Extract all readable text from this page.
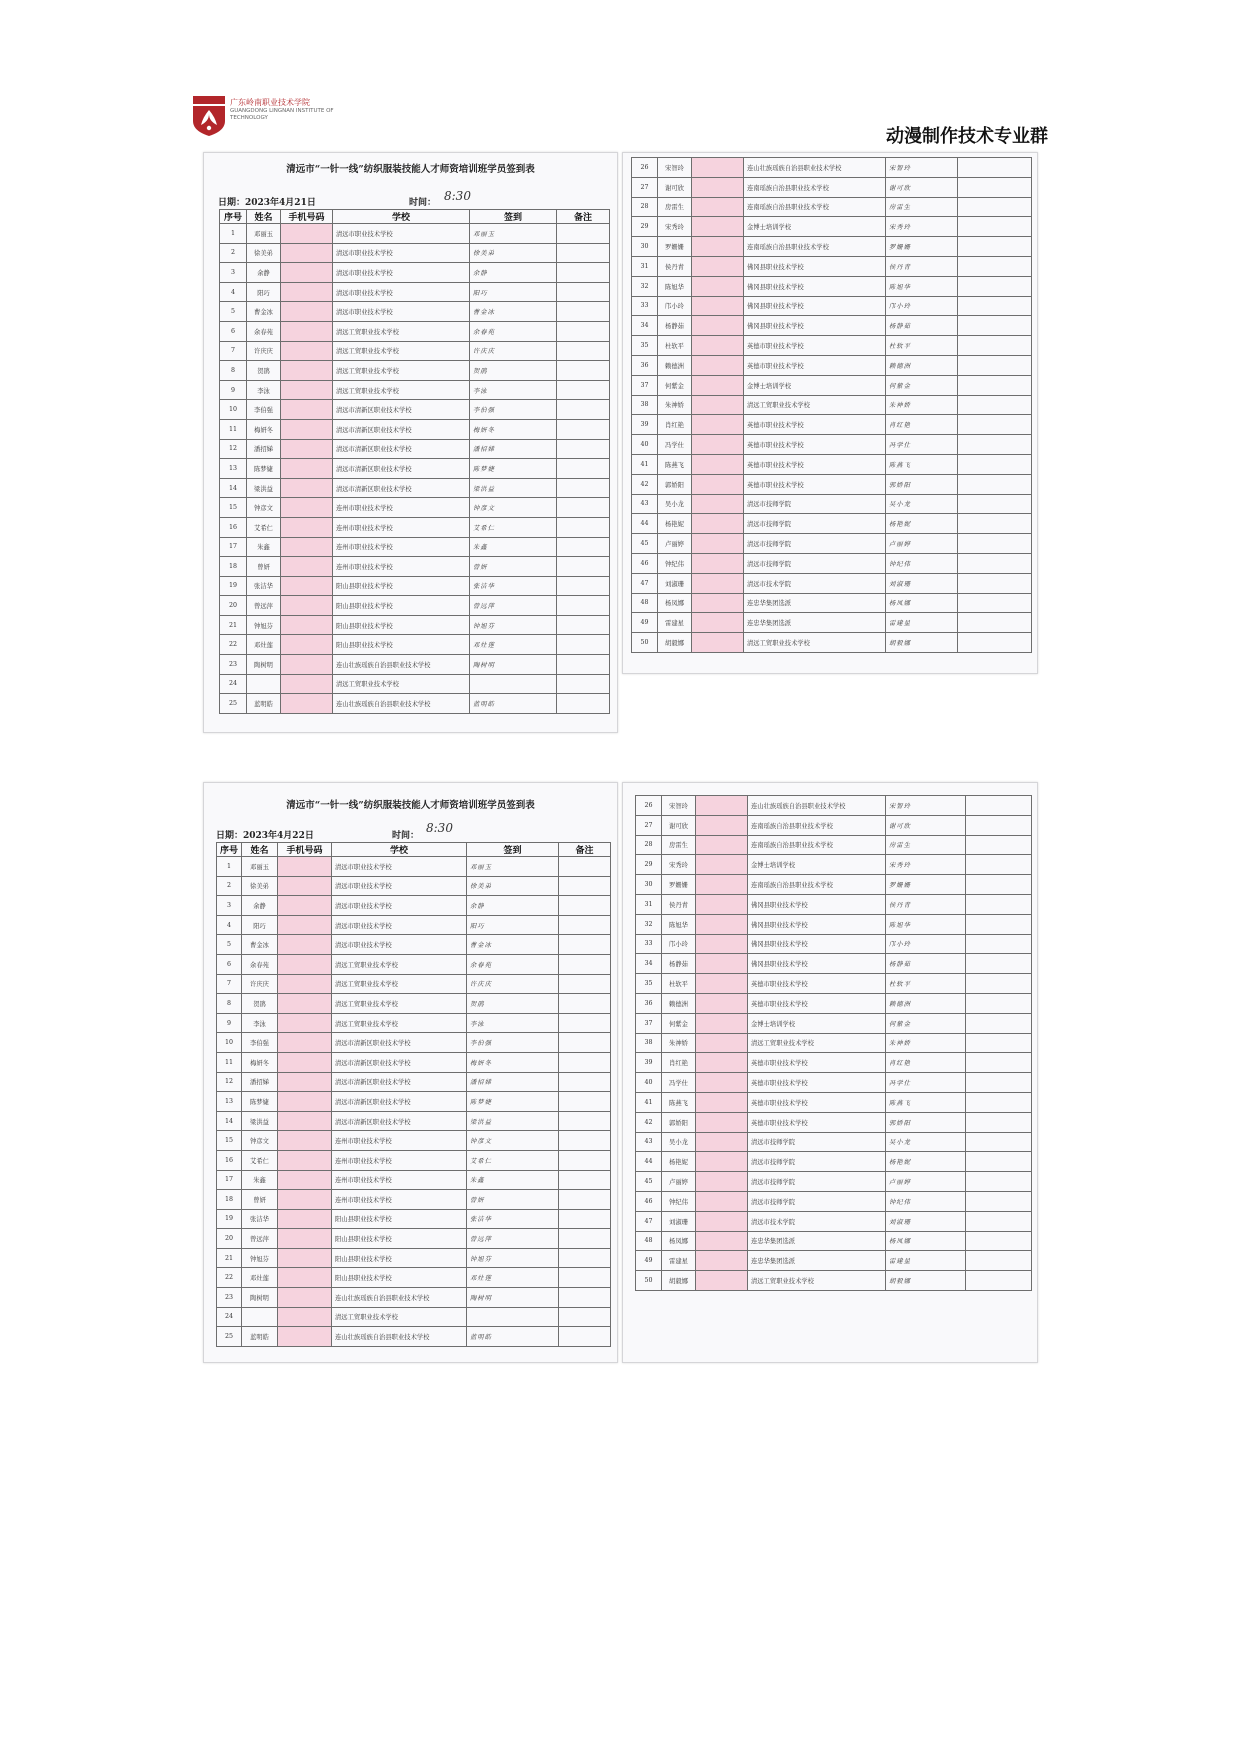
广东岭南职业技术学院
GUANGDONG LINGNAN INSTITUTE OF TECHNOLOGY
动漫制作技术专业群
清远市“一针一线”纺织服装技能人才师资培训班学员签到表
日期：2023年4月21日	时间： 8:30
序号	姓名	手机号码	学校	签到	备注
1	邓丽玉		清远市职业技术学校	邓丽玉	
2	徐美弟		清远市职业技术学校	徐美弟	
3	余静		清远市职业技术学校	余静	
4	阳巧		清远市职业技术学校	阳巧	
5	曹金冰		清远市职业技术学校	曹金冰	
6	余春苑		清远工贸职业技术学校	余春苑	
7	许庆庆		清远工贸职业技术学校	许庆庆	
8	贺鹃		清远工贸职业技术学校	贺鹃	
9	李泳		清远工贸职业技术学校	李泳	
10	李伯强		清远市清新区职业技术学校	李伯强	
11	梅妍冬		清远市清新区职业技术学校	梅妍冬	
12	潘招娣		清远市清新区职业技术学校	潘招娣	
13	陈梦婕		清远市清新区职业技术学校	陈梦婕	
14	梁洪益		清远市清新区职业技术学校	梁洪益	
15	钟彦文		连州市职业技术学校	钟彦文	
16	艾希仁		连州市职业技术学校	艾希仁	
17	朱鑫		连州市职业技术学校	朱鑫	
18	曾妍		连州市职业技术学校	曾妍	
19	张洁华		阳山县职业技术学校	张洁华	
20	曾远萍		阳山县职业技术学校	曾远萍	
21	钟旭芬		阳山县职业技术学校	钟旭芬	
22	邓灶莲		阳山县职业技术学校	邓灶莲	
23	陶树明		连山壮族瑶族自治县职业技术学校	陶树明	
24			清远工贸职业技术学校		
25	蓝明皓		连山壮族瑶族自治县职业技术学校	蓝明皓	
26	宋智玲		连山壮族瑶族自治县职业技术学校	宋智玲	
27	谢可欣		连南瑶族自治县职业技术学校	谢可欣	
28	房雷生		连南瑶族自治县职业技术学校	房雷生	
29	宋秀玲		金博士培训学校	宋秀玲	
30	罗姗姗		连南瑶族自治县职业技术学校	罗姗姗	
31	侯丹青		佛冈县职业技术学校	侯丹青	
32	陈旭华		佛冈县职业技术学校	陈旭华	
33	邝小玲		佛冈县职业技术学校	邝小玲	
34	杨静茹		佛冈县职业技术学校	杨静茹	
35	杜软平		英德市职业技术学校	杜软平	
36	赖德洲		英德市职业技术学校	赖德洲	
37	何紫金		金博士培训学校	何紫金	
38	朱神娇		清远工贸职业技术学校	朱神娇	
39	肖红艳		英德市职业技术学校	肖红艳	
40	冯学仕		英德市职业技术学校	冯学仕	
41	陈燕飞		英德市职业技术学校	陈燕飞	
42	郭娇阳		英德市职业技术学校	郭娇阳	
43	吴小龙		清远市技师学院	吴小龙	
44	杨艳妮		清远市技师学院	杨艳妮	
45	卢丽婷		清远市技师学院	卢丽婷	
46	钟纪伟		清远市技师学院	钟纪伟	
47	刘淑珊		清远市技术学院	刘淑珊	
48	杨凤娜		连忠华集团选派	杨凤娜	
49	雷建星		连忠华集团选派	雷建星	
50	胡毅娜		清远工贸职业技术学校	胡毅娜	
清远市“一针一线”纺织服装技能人才师资培训班学员签到表
日期：2023年4月22日	时间：
8:30
序号	姓名	手机号码	学校	签到	备注
1	邓丽玉		清远市职业技术学校	邓丽玉	
2	徐美弟		清远市职业技术学校	徐美弟	
3	余静		清远市职业技术学校	余静	
4	阳巧		清远市职业技术学校	阳巧	
5	曹金冰		清远市职业技术学校	曹金冰	
6	余春苑		清远工贸职业技术学校	余春苑	
7	许庆庆		清远工贸职业技术学校	许庆庆	
8	贺鹃		清远工贸职业技术学校	贺鹃	
9	李泳		清远工贸职业技术学校	李泳	
10	李伯强		清远市清新区职业技术学校	李伯强	
11	梅妍冬		清远市清新区职业技术学校	梅妍冬	
12	潘招娣		清远市清新区职业技术学校	潘招娣	
13	陈梦婕		清远市清新区职业技术学校	陈梦婕	
14	梁洪益		清远市清新区职业技术学校	梁洪益	
15	钟彦文		连州市职业技术学校	钟彦文	
16	艾希仁		连州市职业技术学校	艾希仁	
17	朱鑫		连州市职业技术学校	朱鑫	
18	曾妍		连州市职业技术学校	曾妍	
19	张洁华		阳山县职业技术学校	张洁华	
20	曾远萍		阳山县职业技术学校	曾远萍	
21	钟旭芬		阳山县职业技术学校	钟旭芬	
22	邓灶莲		阳山县职业技术学校	邓灶莲	
23	陶树明		连山壮族瑶族自治县职业技术学校	陶树明	
24			清远工贸职业技术学校		
25	蓝明皓		连山壮族瑶族自治县职业技术学校	蓝明皓	
26	宋智玲		连山壮族瑶族自治县职业技术学校	宋智玲	
27	谢可欣		连南瑶族自治县职业技术学校	谢可欣	
28	房雷生		连南瑶族自治县职业技术学校	房雷生	
29	宋秀玲		金博士培训学校	宋秀玲	
30	罗姗姗		连南瑶族自治县职业技术学校	罗姗姗	
31	侯丹青		佛冈县职业技术学校	侯丹青	
32	陈旭华		佛冈县职业技术学校	陈旭华	
33	邝小玲		佛冈县职业技术学校	邝小玲	
34	杨静茹		佛冈县职业技术学校	杨静茹	
35	杜软平		英德市职业技术学校	杜软平	
36	赖德洲		英德市职业技术学校	赖德洲	
37	何紫金		金博士培训学校	何紫金	
38	朱神娇		清远工贸职业技术学校	朱神娇	
39	肖红艳		英德市职业技术学校	肖红艳	
40	冯学仕		英德市职业技术学校	冯学仕	
41	陈燕飞		英德市职业技术学校	陈燕飞	
42	郭娇阳		英德市职业技术学校	郭娇阳	
43	吴小龙		清远市技师学院	吴小龙	
44	杨艳妮		清远市技师学院	杨艳妮	
45	卢丽婷		清远市技师学院	卢丽婷	
46	钟纪伟		清远市技师学院	钟纪伟	
47	刘淑珊		清远市技术学院	刘淑珊	
48	杨凤娜		连忠华集团选派	杨凤娜	
49	雷建星		连忠华集团选派	雷建星	
50	胡毅娜		清远工贸职业技术学校	胡毅娜	
